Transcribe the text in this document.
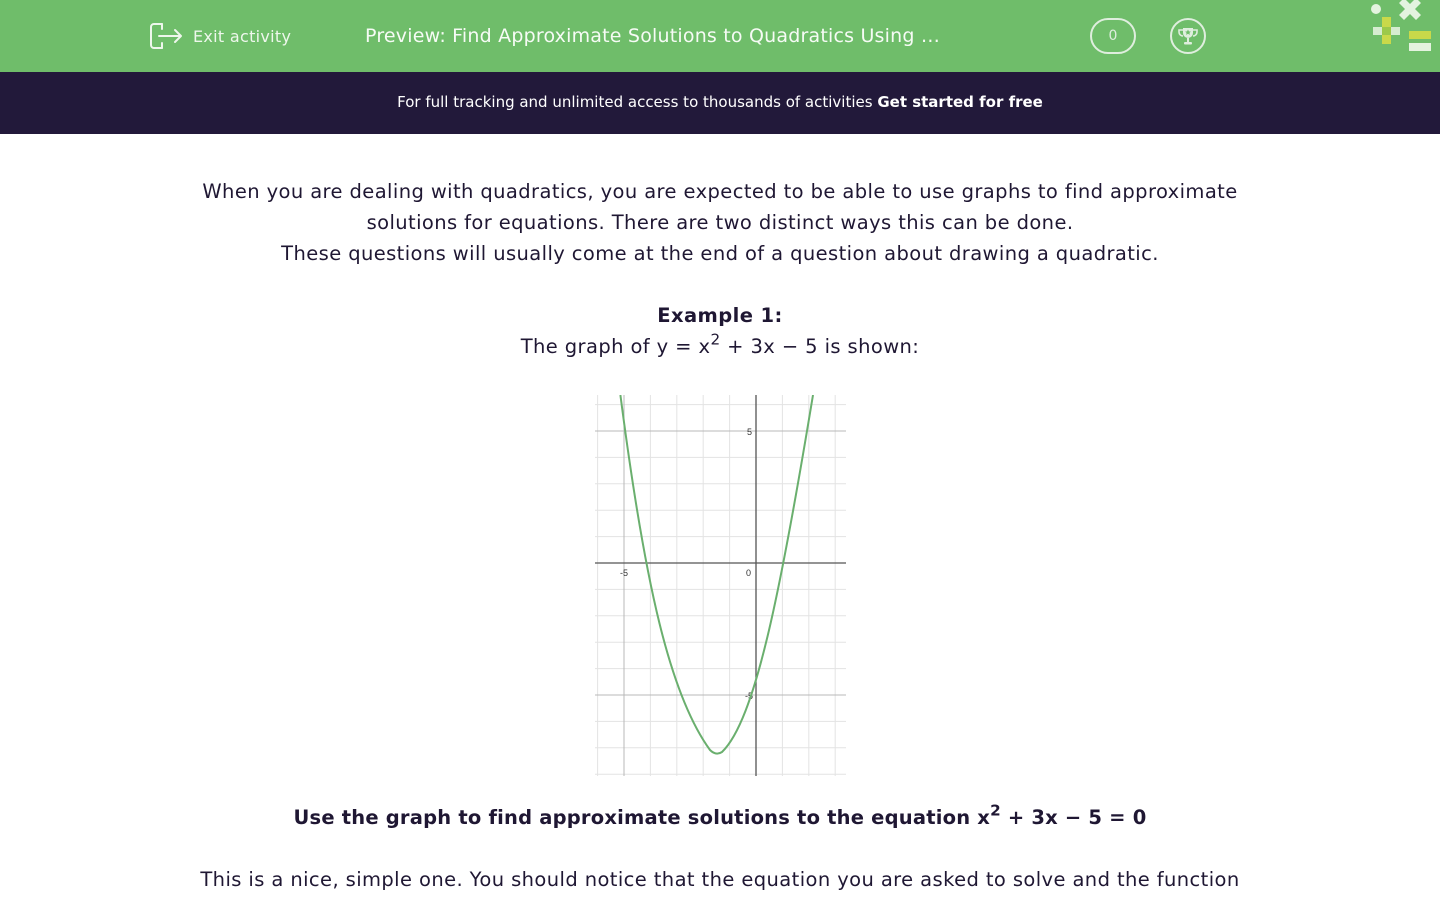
Exit activity	Preview: Find Approximate Solutions to Quadratics Using …	0
For full tracking and unlimited access to thousands of activities Get started for free

When you are dealing with quadratics, you are expected to be able to use graphs to find approximate

solutions for equations. There are two distinct ways this can be done.

These questions will usually come at the end of a question about drawing a quadratic.

Example 1:

The graph of $y = x^2 + 3x - 5$ is shown:

-5	0
5
-5
Use the graph to find approximate solutions to the equation $x^2 + 3x - 5 = 0$
This is a nice, simple one. You should notice that the equation you are asked to solve and the function
